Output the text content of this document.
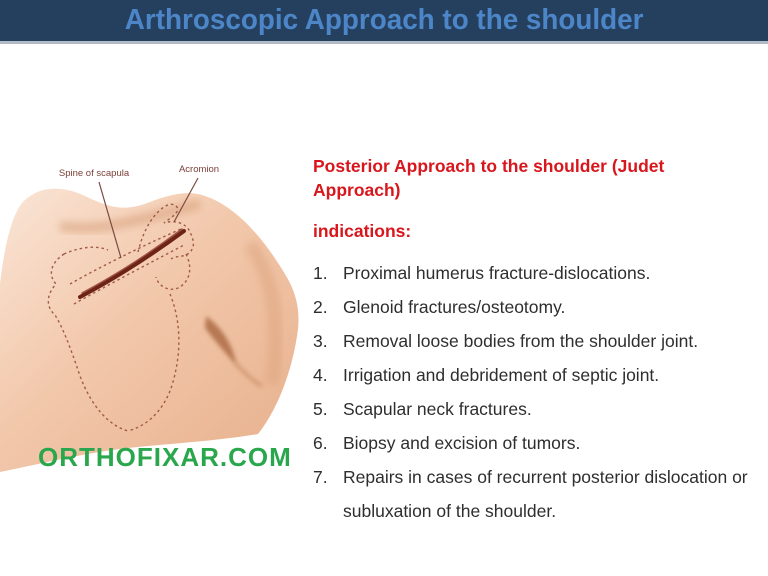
Arthroscopic Approach to the shoulder
Spine of scapula	Acromion
ORTHOFIXAR.COM
Posterior Approach to the shoulder (Judet Approach)
indications:
1. Proximal humerus fracture-dislocations.
2. Glenoid fractures/osteotomy.
3. Removal loose bodies from the shoulder joint.
4. Irrigation and debridement of septic joint.
5. Scapular neck fractures.
6. Biopsy and excision of tumors.
7. Repairs in cases of recurrent posterior dislocation or subluxation of the shoulder.
